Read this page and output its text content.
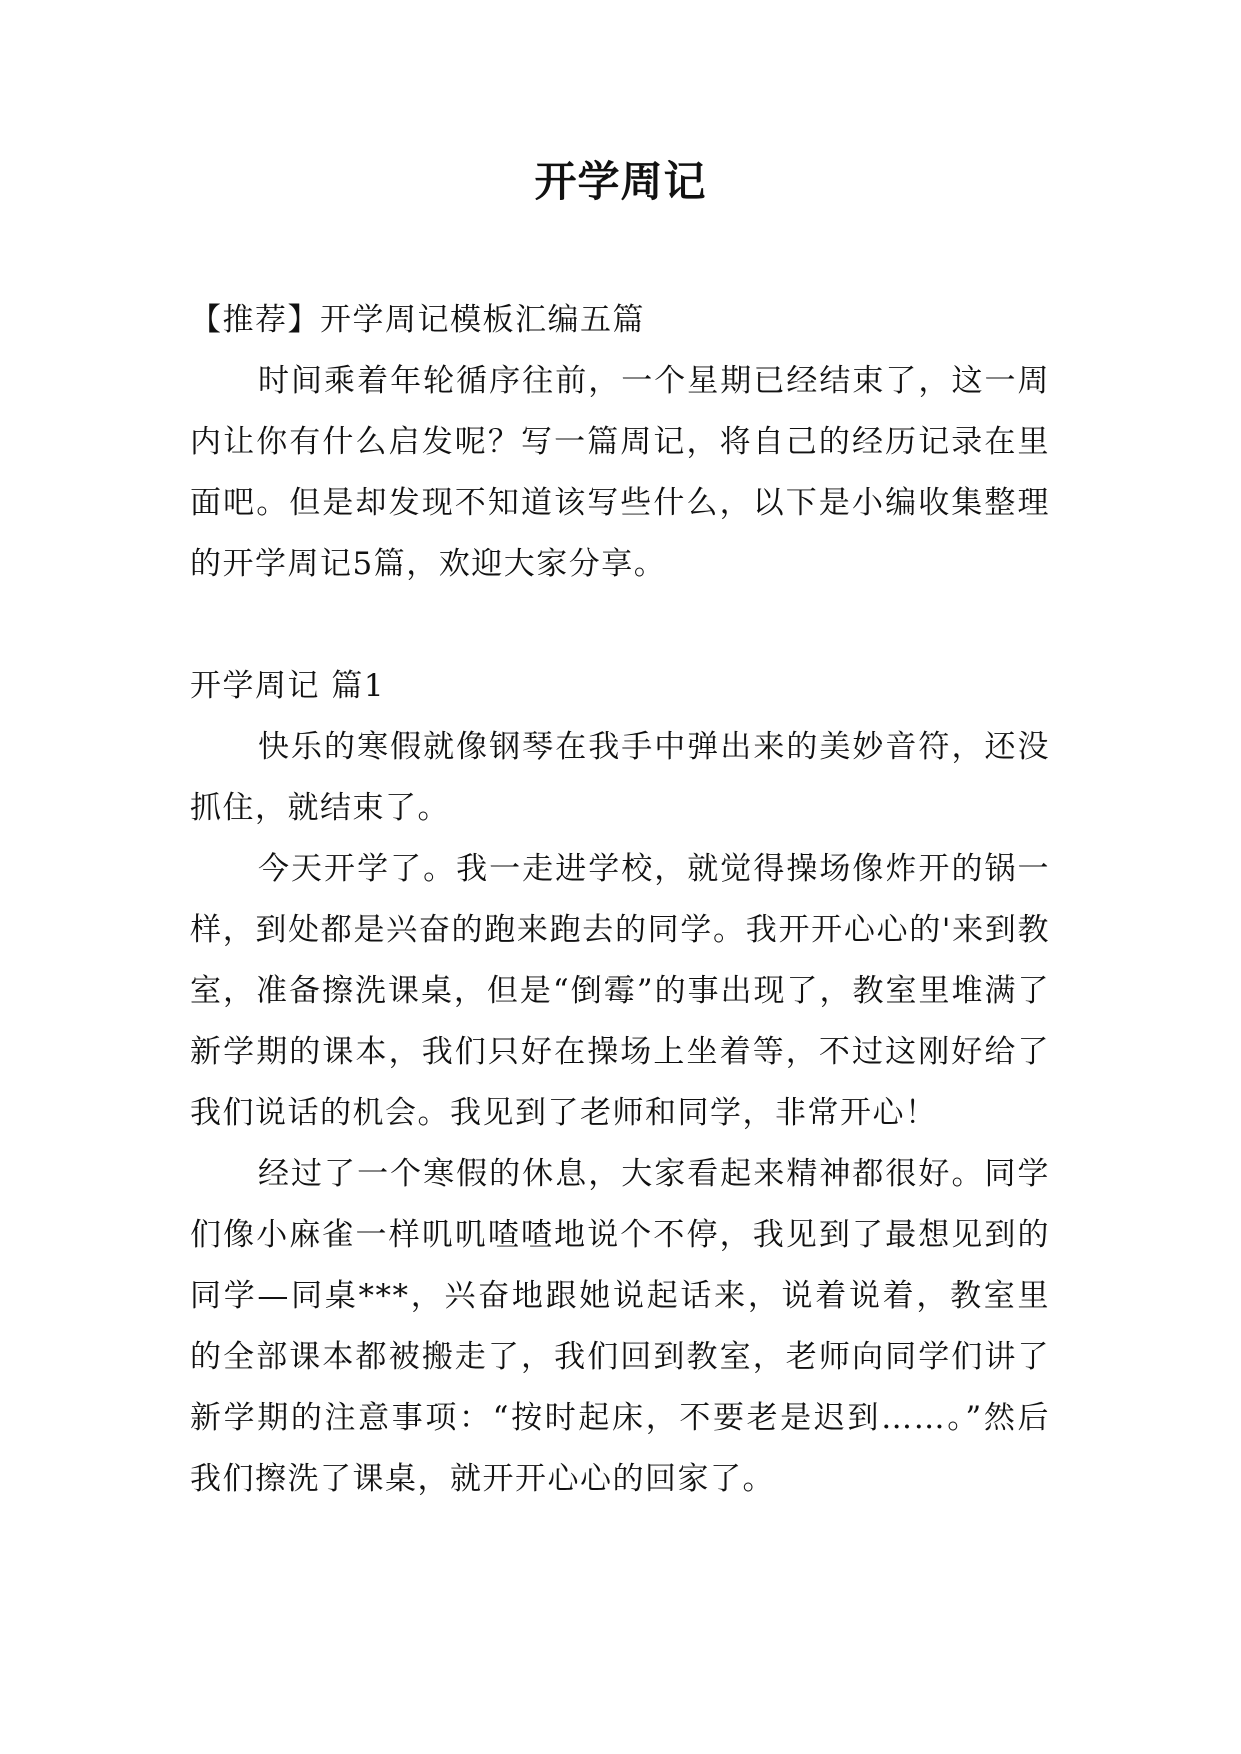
开学周记

【推荐】开学周记模板汇编五篇

时间乘着年轮循序往前，一个星期已经结束了，这一周内让你有什么启发呢？写一篇周记，将自己的经历记录在里面吧。但是却发现不知道该写些什么，以下是小编收集整理的开学周记5篇，欢迎大家分享。

开学周记 篇1

快乐的寒假就像钢琴在我手中弹出来的美妙音符，还没抓住，就结束了。

今天开学了。我一走进学校，就觉得操场像炸开的锅一样，到处都是兴奋的跑来跑去的同学。我开开心心的'来到教室，准备擦洗课桌，但是“倒霉”的事出现了，教室里堆满了新学期的课本，我们只好在操场上坐着等，不过这刚好给了我们说话的机会。我见到了老师和同学，非常开心！

经过了一个寒假的休息，大家看起来精神都很好。同学们像小麻雀一样叽叽喳喳地说个不停，我见到了最想见到的同学—同桌***，兴奋地跟她说起话来，说着说着，教室里的全部课本都被搬走了，我们回到教室，老师向同学们讲了新学期的注意事项：“按时起床，不要老是迟到……。”然后我们擦洗了课桌，就开开心心的回家了。
